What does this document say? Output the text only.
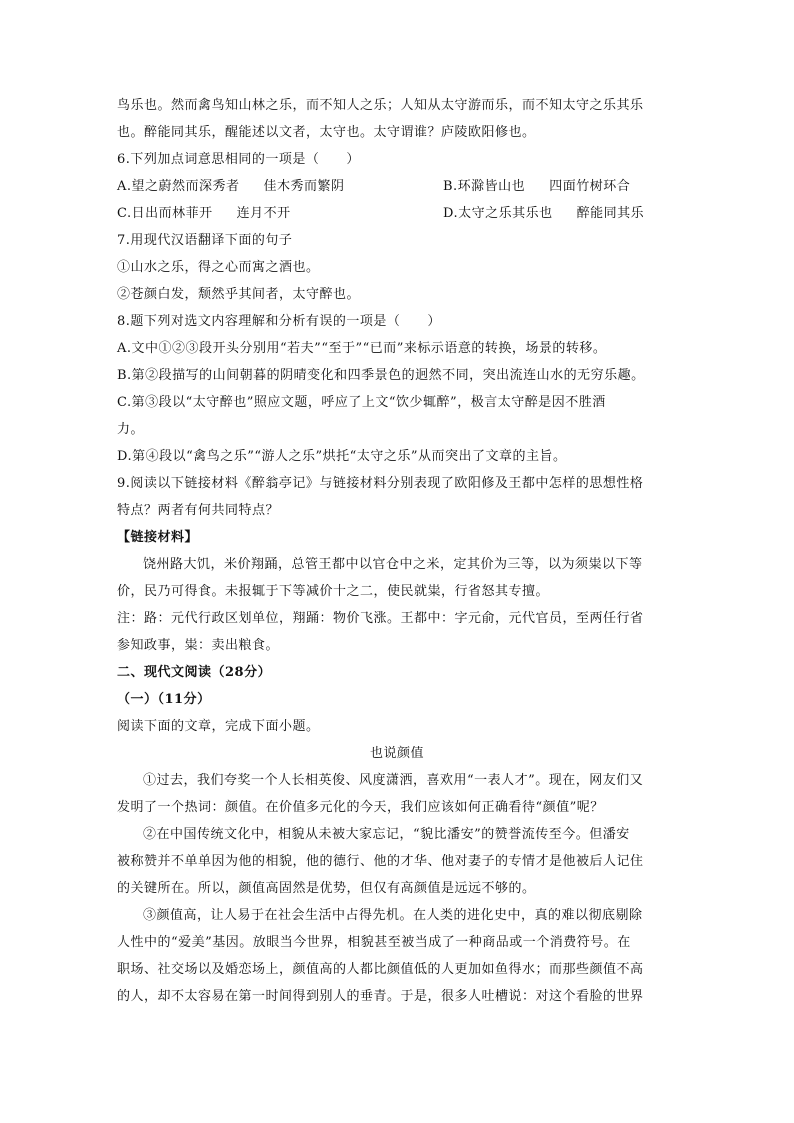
鸟乐也。然而禽鸟知山林之乐，而不知人之乐；人知从太守游而乐，而不知太守之乐其乐
也。醉能同其乐，醒能述以文者，太守也。太守谓谁？庐陵欧阳修也。
6.下列加点词意思相同的一项是（　　）
A.望之蔚然而深秀者 佳木秀而繁阴	B.环滁皆山也 四面竹树环合
C.日出而林菲开 连月不开	D.太守之乐其乐也 醉能同其乐
7.用现代汉语翻译下面的句子
①山水之乐，得之心而寓之酒也。
②苍颜白发，颓然乎其间者，太守醉也。
8.题下列对选文内容理解和分析有误的一项是（　　）
A.文中①②③段开头分别用“若夫”“至于”“已而”来标示语意的转换，场景的转移。
B.第②段描写的山间朝暮的阴晴变化和四季景色的迥然不同，突出流连山水的无穷乐趣。
C.第③段以“太守醉也”照应文题，呼应了上文“饮少辄醉”，极言太守醉是因不胜酒
力。
D.第④段以“禽鸟之乐”“游人之乐”烘托“太守之乐”从而突出了文章的主旨。
9.阅读以下链接材料《醉翁亭记》与链接材料分别表现了欧阳修及王都中怎样的思想性格
特点？两者有何共同特点？
【链接材料】
饶州路大饥，米价翔踊，总管王都中以官仓中之米，定其价为三等，以为须粜以下等
价，民乃可得食。未报辄于下等减价十之二，使民就粜，行省怒其专擅。
注：路：元代行政区划单位，翔踊：物价飞涨。王都中：字元俞，元代官员，至两任行省
参知政事，粜：卖出粮食。
二、现代文阅读（28分）
（一）（11分）
阅读下面的文章，完成下面小题。
也说颜值
①过去，我们夸奖一个人长相英俊、风度潇洒，喜欢用“一表人才”。现在，网友们又
发明了一个热词：颜值。在价值多元化的今天，我们应该如何正确看待“颜值”呢？
②在中国传统文化中，相貌从未被大家忘记，“貌比潘安”的赞誉流传至今。但潘安
被称赞并不单单因为他的相貌，他的德行、他的才华、他对妻子的专情才是他被后人记住
的关键所在。所以，颜值高固然是优势，但仅有高颜值是远远不够的。
③颜值高，让人易于在社会生活中占得先机。在人类的进化史中，真的难以彻底剔除
人性中的“爱美”基因。放眼当今世界，相貌甚至被当成了一种商品或一个消费符号。在
职场、社交场以及婚恋场上，颜值高的人都比颜值低的人更加如鱼得水；而那些颜值不高
的人，却不太容易在第一时间得到别人的垂青。于是，很多人吐槽说：对这个看脸的世界
